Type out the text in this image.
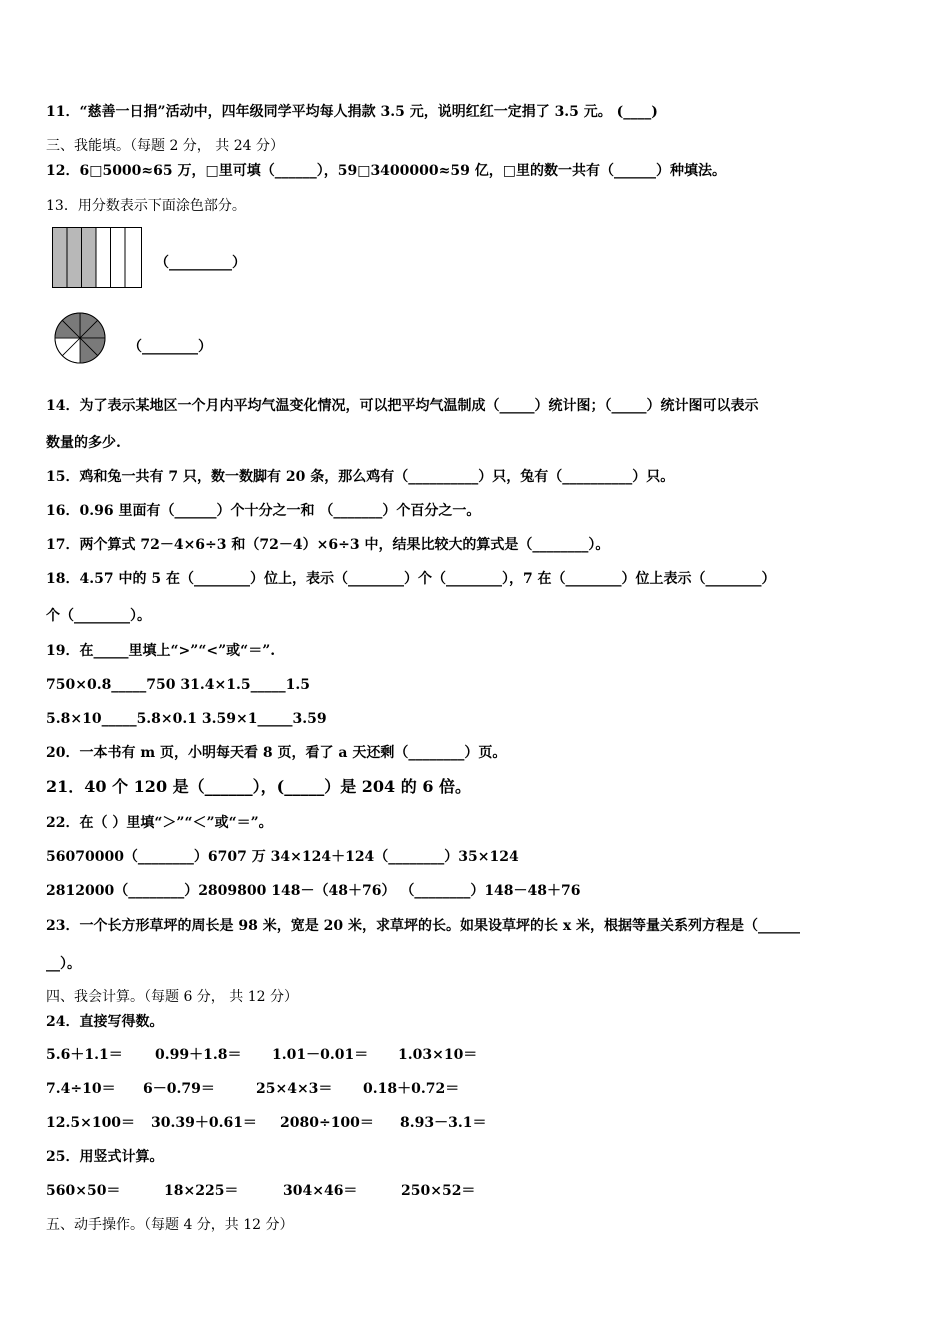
11．“慈善一日捐”活动中，四年级同学平均每人捐款 3.5 元，说明红红一定捐了 3.5 元。 (____)
三、我能填。（每题 2 分， 共 24 分）
12．6□5000≈65 万，□里可填（______），59□3400000≈59 亿，□里的数一共有（______）种填法。
13．用分数表示下面涂色部分。
（_________）
（________）
14．为了表示某地区一个月内平均气温变化情况，可以把平均气温制成（_____）统计图；（_____）统计图可以表示
数量的多少.
15．鸡和兔一共有 7 只，数一数脚有 20 条，那么鸡有（__________）只，兔有（__________）只。
16．0.96 里面有（______）个十分之一和 （_______）个百分之一。
17．两个算式 72－4×6÷3 和（72－4）×6÷3 中，结果比较大的算式是（________）。
18．4.57 中的 5 在（________）位上，表示（________）个（________），7 在（________）位上表示（________）
个（________）。
19．在_____里填上“>”“<”或“＝”.
750×0.8_____750 31.4×1.5_____1.5
5.8×10_____5.8×0.1 3.59×1_____3.59
20．一本书有 m 页，小明每天看 8 页，看了 a 天还剩（________）页。
21．40 个 120 是（______），(_____）是 204 的 6 倍。
22．在（ ）里填“＞”“＜”或“＝”。
56070000（________）6707 万 34×124＋124（________）35×124
2812000（________）2809800 148－（48＋76） （________）148－48＋76
23．一个长方形草坪的周长是 98 米，宽是 20 米，求草坪的长。如果设草坪的长 x 米，根据等量关系列方程是（______
__）。
四、我会计算。（每题 6 分， 共 12 分）
24．直接写得数。
5.6＋1.1＝ 0.99＋1.8＝ 1.01－0.01＝ 1.03×10＝
7.4÷10＝ 6－0.79＝	25×4×3＝ 0.18＋0.72＝
12.5×100＝ 30.39＋0.61＝ 2080÷100＝ 8.93－3.1＝
25．用竖式计算。
560×50＝	18×225＝	304×46＝	250×52＝
五、动手操作。（每题 4 分，共 12 分）
